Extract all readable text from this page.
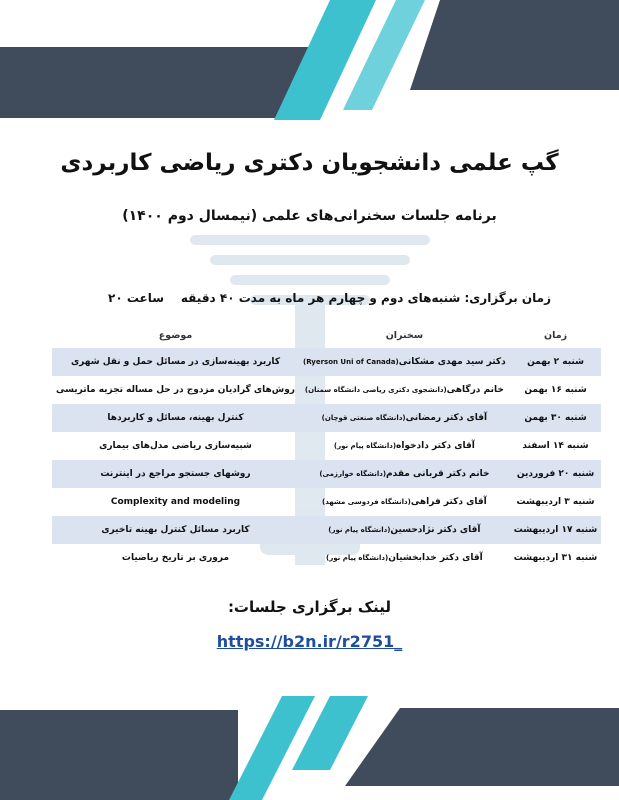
گپ علمی دانشجویان دکتری ریاضی کاربردی
برنامه جلسات سخنرانی‌های علمی (نیمسال دوم ۱۴۰۰)
زمان برگزاری: شنبه‌های دوم و چهارم هر ماه به مدت ۴۰ دقیقه
ساعت ۲۰
زمان	سخنران	موضوع
شنبه ۲ بهمن	دکتر سید مهدی مشکانی(Ryerson Uni of Canada)	کاربرد بهینه‌سازی در مسائل حمل و نقل شهری
شنبه ۱۶ بهمن	خانم درگاهی(دانشجوی دکتری ریاضی دانشگاه سمنان)	روش‌های گرادیان مزدوج در حل مساله تجزیه ماتریسی
شنبه ۳۰ بهمن	آقای دکتر رمضانی(دانشگاه صنعتی قوچان)	کنترل بهینه، مسائل و کاربردها
شنبه ۱۴ اسفند	آقای دکتر دادخواه(دانشگاه پیام نور)	شبیه‌سازی ریاضی مدل‌های بیماری
شنبه ۲۰ فروردین	خانم دکتر قربانی مقدم(دانشگاه خوارزمی)	روشهای جستجو مراجع در اینترنت
شنبه ۳ اردیبهشت	آقای دکتر فراهی(دانشگاه فردوسی مشهد)	Complexity and modeling
شنبه ۱۷ اردیبهشت	آقای دکتر نژادحسین(دانشگاه پیام نور)	کاربرد مسائل کنترل بهینه تاخیری
شنبه ۳۱ اردیبهشت	آقای دکتر خدابخشیان(دانشگاه پیام نور)	مروری بر تاریخ ریاضیات
لینک برگزاری جلسات:
https://b2n.ir/r2751_
